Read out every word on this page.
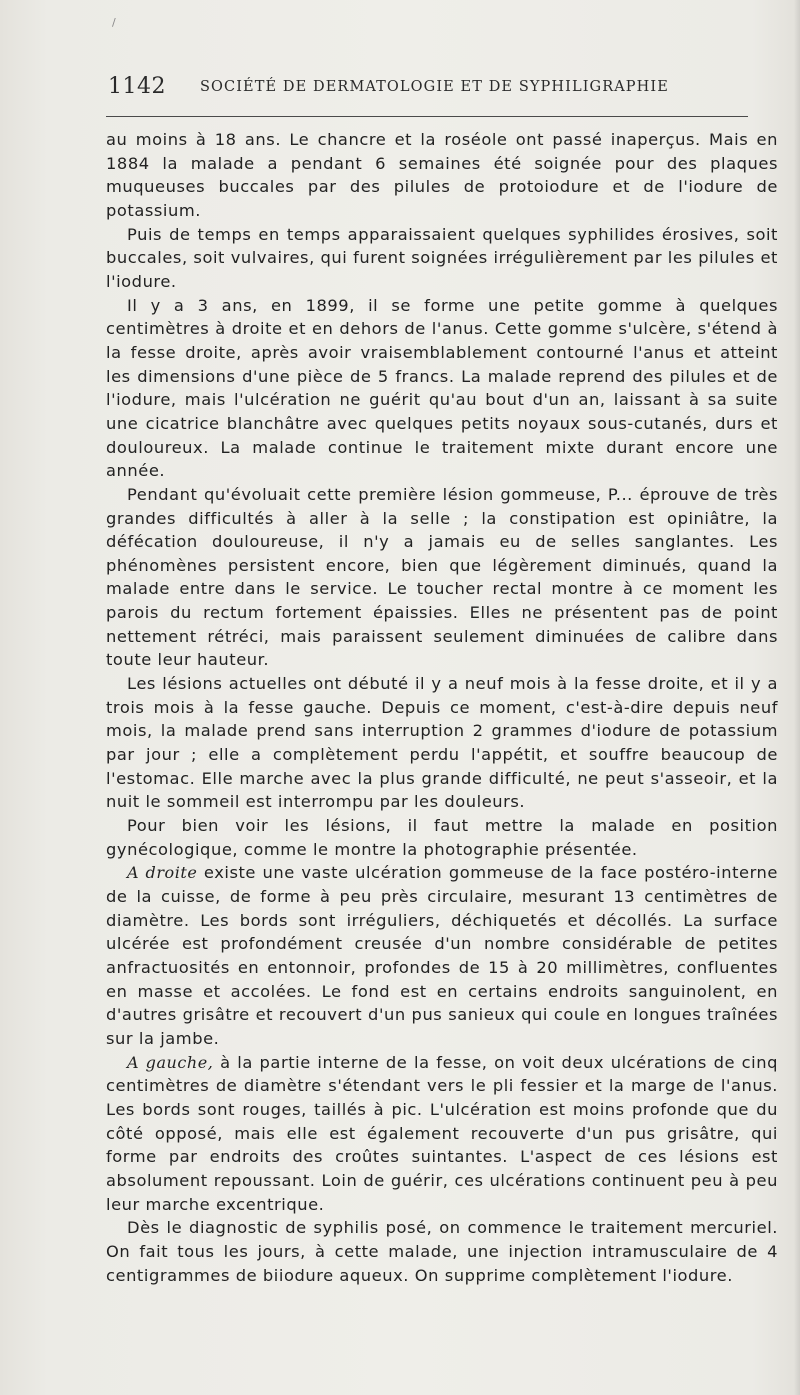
/
1142 SOCIÉTÉ DE DERMATOLOGIE ET DE SYPHILIGRAPHIE

au moins à 18 ans. Le chancre et la roséole ont passé inaperçus. Mais en 1884 la malade a pendant 6 semaines été soignée pour des plaques muqueuses buccales par des pilules de protoiodure et de l'iodure de potassium.

Puis de temps en temps apparaissaient quelques syphilides érosives, soit buccales, soit vulvaires, qui furent soignées irrégulièrement par les pilules et l'iodure.

Il y a 3 ans, en 1899, il se forme une petite gomme à quelques centimètres à droite et en dehors de l'anus. Cette gomme s'ulcère, s'étend à la fesse droite, après avoir vraisemblablement contourné l'anus et atteint les dimensions d'une pièce de 5 francs. La malade reprend des pilules et de l'iodure, mais l'ulcération ne guérit qu'au bout d'un an, laissant à sa suite une cicatrice blanchâtre avec quelques petits noyaux sous-cutanés, durs et douloureux. La malade continue le traitement mixte durant encore une année.

Pendant qu'évoluait cette première lésion gommeuse, P... éprouve de très grandes difficultés à aller à la selle ; la constipation est opiniâtre, la défécation douloureuse, il n'y a jamais eu de selles sanglantes. Les phénomènes persistent encore, bien que légèrement diminués, quand la malade entre dans le service. Le toucher rectal montre à ce moment les parois du rectum fortement épaissies. Elles ne présentent pas de point nettement rétréci, mais paraissent seulement diminuées de calibre dans toute leur hauteur.

Les lésions actuelles ont débuté il y a neuf mois à la fesse droite, et il y a trois mois à la fesse gauche. Depuis ce moment, c'est-à-dire depuis neuf mois, la malade prend sans interruption 2 grammes d'iodure de potassium par jour ; elle a complètement perdu l'appétit, et souffre beaucoup de l'estomac. Elle marche avec la plus grande difficulté, ne peut s'asseoir, et la nuit le sommeil est interrompu par les douleurs.

Pour bien voir les lésions, il faut mettre la malade en position gynécologique, comme le montre la photographie présentée.

A droite existe une vaste ulcération gommeuse de la face postéro-interne de la cuisse, de forme à peu près circulaire, mesurant 13 centimètres de diamètre. Les bords sont irréguliers, déchiquetés et décollés. La surface ulcérée est profondément creusée d'un nombre considérable de petites anfractuosités en entonnoir, profondes de 15 à 20 millimètres, confluentes en masse et accolées. Le fond est en certains endroits sanguinolent, en d'autres grisâtre et recouvert d'un pus sanieux qui coule en longues traînées sur la jambe.

A gauche, à la partie interne de la fesse, on voit deux ulcérations de cinq centimètres de diamètre s'étendant vers le pli fessier et la marge de l'anus. Les bords sont rouges, taillés à pic. L'ulcération est moins profonde que du côté opposé, mais elle est également recouverte d'un pus grisâtre, qui forme par endroits des croûtes suintantes. L'aspect de ces lésions est absolument repoussant. Loin de guérir, ces ulcérations continuent peu à peu leur marche excentrique.

Dès le diagnostic de syphilis posé, on commence le traitement mercuriel. On fait tous les jours, à cette malade, une injection intramusculaire de 4 centigrammes de biiodure aqueux. On supprime complètement l'iodure.
